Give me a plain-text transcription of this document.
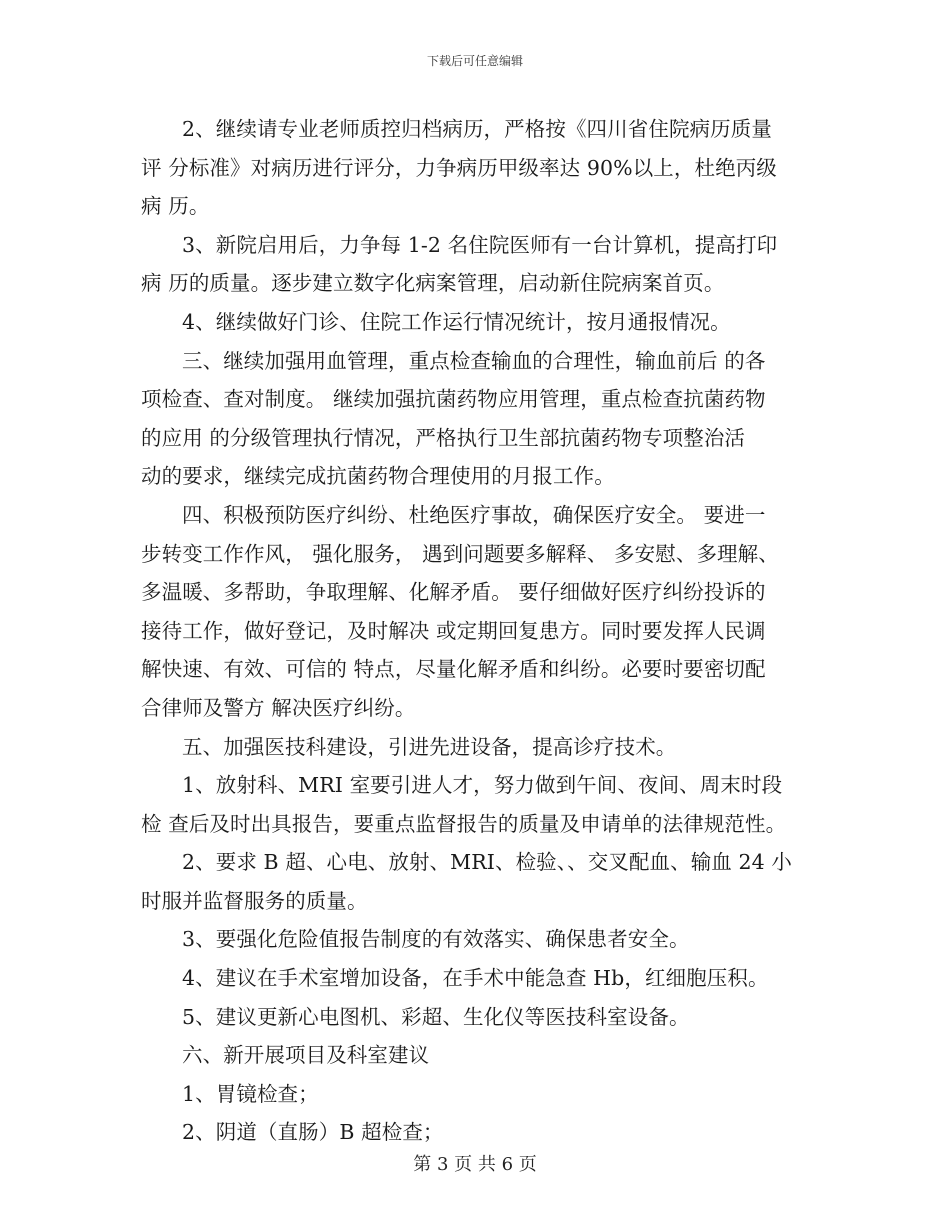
下载后可任意编辑
2、继续请专业老师质控归档病历，严格按《四川省住院病历质量
评 分标准》对病历进行评分，力争病历甲级率达 90%以上，杜绝丙级
病 历。
3、新院启用后，力争每 1-2 名住院医师有一台计算机，提高打印
病 历的质量。逐步建立数字化病案管理，启动新住院病案首页。
4、继续做好门诊、住院工作运行情况统计，按月通报情况。
三、继续加强用血管理，重点检查输血的合理性，输血前后 的各
项检查、查对制度。 继续加强抗菌药物应用管理，重点检查抗菌药物
的应用 的分级管理执行情况，严格执行卫生部抗菌药物专项整治活
动的要求，继续完成抗菌药物合理使用的月报工作。
四、积极预防医疗纠纷、杜绝医疗事故，确保医疗安全。 要进一
步转变工作作风， 强化服务， 遇到问题要多解释、 多安慰、多理解、
多温暖、多帮助，争取理解、化解矛盾。 要仔细做好医疗纠纷投诉的
接待工作，做好登记，及时解决 或定期回复患方。同时要发挥人民调
解快速、有效、可信的 特点，尽量化解矛盾和纠纷。必要时要密切配
合律师及警方 解决医疗纠纷。
五、加强医技科建设，引进先进设备，提高诊疗技术。
1、放射科、MRI 室要引进人才，努力做到午间、夜间、周末时段
检 查后及时出具报告，要重点监督报告的质量及申请单的法律规范性。
2、要求 B 超、心电、放射、MRI、检验、、交叉配血、输血 24 小
时服并监督服务的质量。
3、要强化危险值报告制度的有效落实、确保患者安全。
4、建议在手术室增加设备，在手术中能急查 Hb，红细胞压积。
5、建议更新心电图机、彩超、生化仪等医技科室设备。
六、新开展项目及科室建议
1、胃镜检查；
2、阴道（直肠）B 超检查；
第 3 页 共 6 页
